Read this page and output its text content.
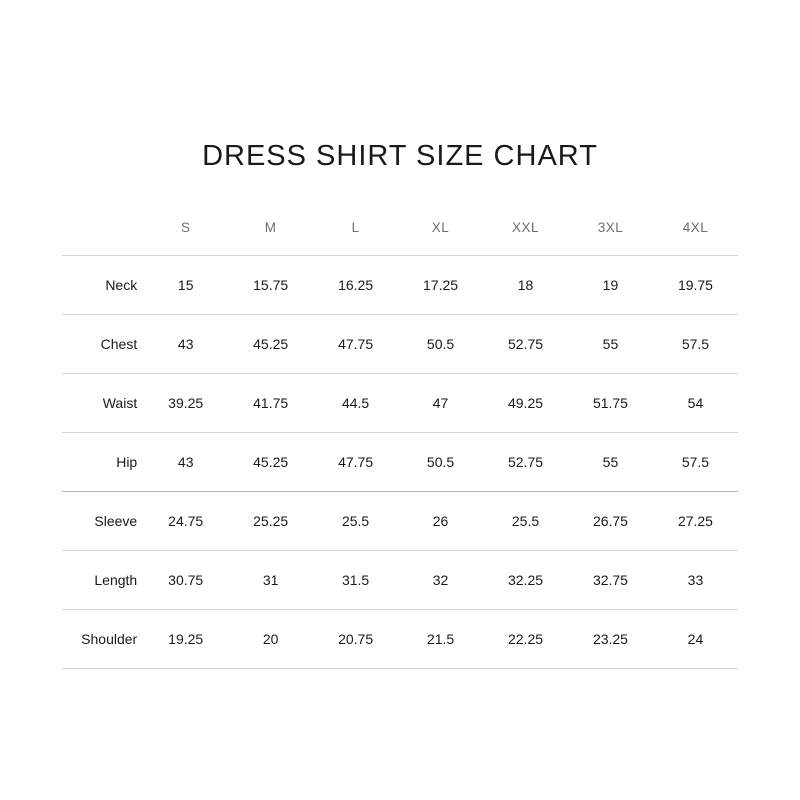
DRESS SHIRT SIZE CHART
	S	M	L	XL	XXL	3XL	4XL
Neck	15	15.75	16.25	17.25	18	19	19.75
Chest	43	45.25	47.75	50.5	52.75	55	57.5
Waist	39.25	41.75	44.5	47	49.25	51.75	54
Hip	43	45.25	47.75	50.5	52.75	55	57.5
Sleeve	24.75	25.25	25.5	26	25.5	26.75	27.25
Length	30.75	31	31.5	32	32.25	32.75	33
Shoulder	19.25	20	20.75	21.5	22.25	23.25	24
